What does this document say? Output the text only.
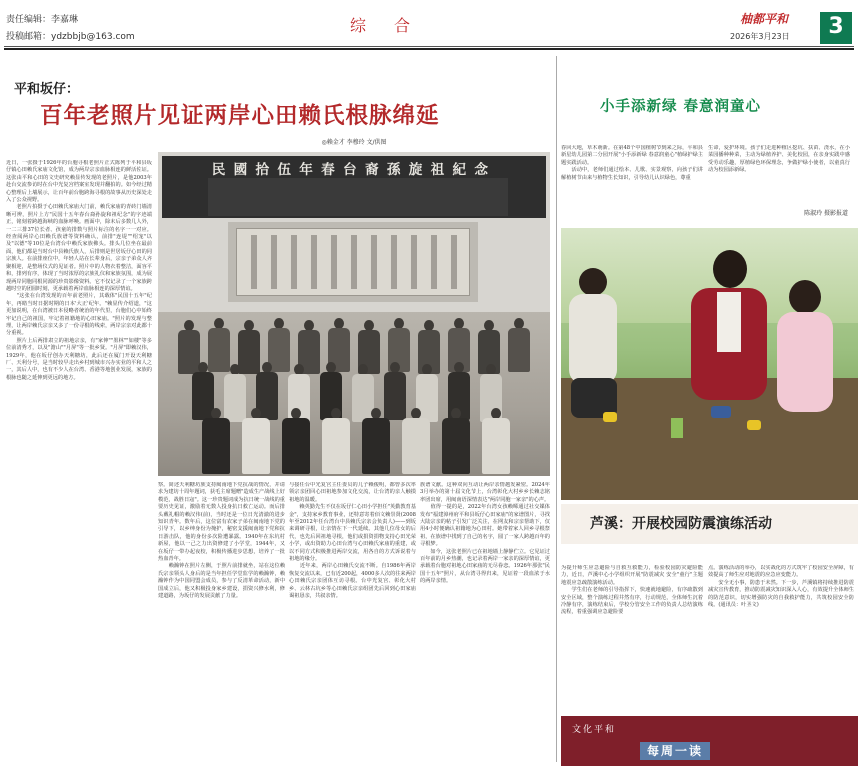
责任编辑：李嘉琳
投稿邮箱：ydzbbjb@163.com
综　合	柚都平和
2026年3月23日	3
平和坂仔：
百年老照片见证两岸心田赖氏根脉绵延
◎赖金才 李穆玲 文/供图
民國拾伍年春台裔孫旋祖紀念
近日，一张摄于1926年的台胞寻根老照片正式陈列于平和县坂仔镇心田赖氏家庙文化馆，成为两岸宗亲血脉相连的鲜活佐证。这张由平和心田的文史研究赖显传发现的老照片，是他2003年赴台交流参访时在台中光复宫档案室发现并翻拍的。如今经过精心整理后上墙展示，让百年前台胞跨海寻根的故事从历史深处走入了公众视野。
　　老照片拍摄于心田赖氏家庙大门前，赖氏家庙的青砖门墙清晰可辨，照片上方"民国十五年春台裔孙旋和祖纪念"的字迹端正，铭刻着跨越海峡的血脉呼唤。画面中，除末后多数几人外，一二三排37位长者、孩童的排数与照片标注的名字一一对应。经查阅两岸心田赖氏族谱等资料确认，前排"连堤""绍宠"以及"以德"等10位是台湾台中赖氏家族佛头。排头几位坐在最前面，他们都是当时台中县赖氏族人，后排则是世居坂仔心田的同宗族人。在前排座位中，年轻人站在长辈身后，宗亲子弟众人齐聚相迎，是整场仪式的见证者。照片中的人物衣着整洁，面容平和，排列有序，体现了当时浓厚的宗族礼仪和家族氛围，成为展现两岸同胞同根同源的珍贵影像资料。它不仅记录了一个家族跨越时空的团圆时刻，更承载着两岸血脉相连的深厚情谊。
　　"这张在台湾发现的百年前老照片，其载体"民国十五年"纪年，再睹当时日据时期的日本'大正'纪年。"赖显传介绍道，"这更加说明，在台湾被日本侵略者统治的年代里，台胞们心中始终牢记自己的祖国，牢记着祖籍地的心田家庙。"照片的发现与整理，让两岸赖氏宗亲又多了一份寻根的线索，两岸宗亲对此都十分重视。
　　照片上后两排肃立的祖地宗亲，有"家伸""墨林""如楼"等多位前清秀才，以及"澹山""月屏"等一批乡贤。"月屏"即赖汉伟，1929年，他在坂仔创办天利糖坊，此后还在厦门开设天利糖厂、天利分号，是当时较早走出乡村到城市兴办实业的平和人之一，其后人中，也有不少人在台湾、香港等地创业发展，家族的根脉也随之延伸到更远的地方。
察。简述天利糖坊族支持闽南地下党抗战的情况，并请求为建坊十周年题词，获毛主席题赠"造成生产战线上好模范，战胜日寇"。这一珍贵题词成为抗日统一战线的重要历史见证，激励着无数人投身抗日救亡运动。而后排头戴礼帽的赖汉伟(前)，当时还是一位日光清澈的进步知识青年。数年后，这位富有农家子弟在闽南地下党的引导下，以乡绅身份为掩护，秘密支援闽南地下党和抗日游击队，他的身份多次险遭暴露。1940年在东坑村新屋，他以一己之力出资修建了小学堂，1944年，又在坂仔一带办起夜校，积极传播进步思想，培养了一批热血青年。
　　赖瀚钟在照片左侧，于照片前排就坐，站在这位赖氏宗亲领头人身后的是当年担任学堂监学的赖瀚钟，赖瀚钟作为中国同盟会成员，参与了反清革命活动，新中国成立后，他又积极投身家乡建设，捐资兴修水利，修建道路，为坂仔的发展贡献了力量。
与接任台中光复宫主任委员的儿子赖俊明，都曾多次率领宗亲团回心田祖地参加文化交流，让台湾的亲人触摸祖地的温暖。
　　赖英勤先生不仅在坂仔仁心田小学担任"英勤教育基金"，支持家乡教育事业，还特意寄着佰文赖崇贤(2008年至2012年任台湾台中县赖氏宗亲会负责人)——到坂来调研寻根，让亲情在下一代延续。其他几位母女的后代，也先后回祖地寻根，他们或捐资捐物支持心田光荣小学，或出资助力心田台湾与心田赖氏家庙的重建，或以不同方式积极推进两岸交流，用各自的方式诉说着与祖地的缘分。
　　近年来，两岸心田赖氏交流不断。自1986年两岸恢复交流以来，已有近200起，4000多人次的往来两岸心田赖氏宗亲团体互访寻根。台中光复宫、彰化大村乡、云林古坑乡等心田赖氏宗亲组团先后回到心田家庙谒祖恳亲，共叙亲情。
族谱文献。这种双向互动让两岸亲情越发紧密。2024年3月举办的第十届文化节上，台湾彰化大村乡乡长赖志铭率团出席，用闽南语深情表达"两岸同胞一家亲"的心声。
　　值得一提的是，2022年台湾女孩赖晞通过社交媒体发布"福建漳州府平和县坂仔心田家庙"的家谱图片，寻找大陆宗亲的帖子引发广泛关注，在网友和宗亲帮助下，仅用4小时便确认祖籍地为心田村。她带着家人回乡寻根祭祖，在族谱中找到了自己的名字，圆了一家人跨越百年的寻根梦。
　　如今，这张老照片已在祖地墙上静静伫立。它见证过百年前的月乡热潮，也记录着两岸一家亲的深厚情谊，更承载着台胞对祖地心田家庙的无尽眷恋。1926年那张"民国十五年"照片，从台湾寻得归来，见证着一段血浓于水的两岸亲情。
小手添新绿 春意润童心
春回大地，草木萌新。在第48个中国植树节到来之际，平和县新星幼儿园第二分园开展"小手添新绿 春意润童心"植绿护绿主题实践活动。
　　活动中，老师们通过绘本、儿歌、实景观察，向孩子们讲解植树节由来与植物生长知识，引导幼儿认识绿色，尊重
生命，爱护环境。孩子们走进种植区挖坑、扶苗、浇水，在小菜园播种种菜，主动为绿植养护、美化校园，在亲身实践中感受劳动乐趣，厚植绿色环保理念，争做护绿小使者，以童真行动为校园添新绿。
陈淑玲 摄影报道
芦溪：开展校园防震演练活动
为提升师生应急避险与自救互救能力，检验校园防灾避险能力，近日，芦溪中心小学组织开展"防震减灾 安全"童行"主题地震应急疏散演练活动。
　　学生们在老师的引导指挥下，快速就地避险，有序疏散到安全区域，整个演练过程井然有序，行动规范，全体师生沉着冷静有序，演练结束后，学校分管安全工作的负责人总结演练流程，着重强调应急避险要
点。演练活动的举办，以实战化的方式筑牢了校园安全屏障，有效提高了师生应对地震的应急应变能力。
　　安全无小事，防患于未然。下一步，芦溪镇将持续推进防震减灾宣传教育，推动防震减灾知识深入人心，有效提升全体师生的防范意识，切实增强防灾的自我救护能力，共筑校园安全防线。(通讯员：叶圣文)
文化平和
每周一读
